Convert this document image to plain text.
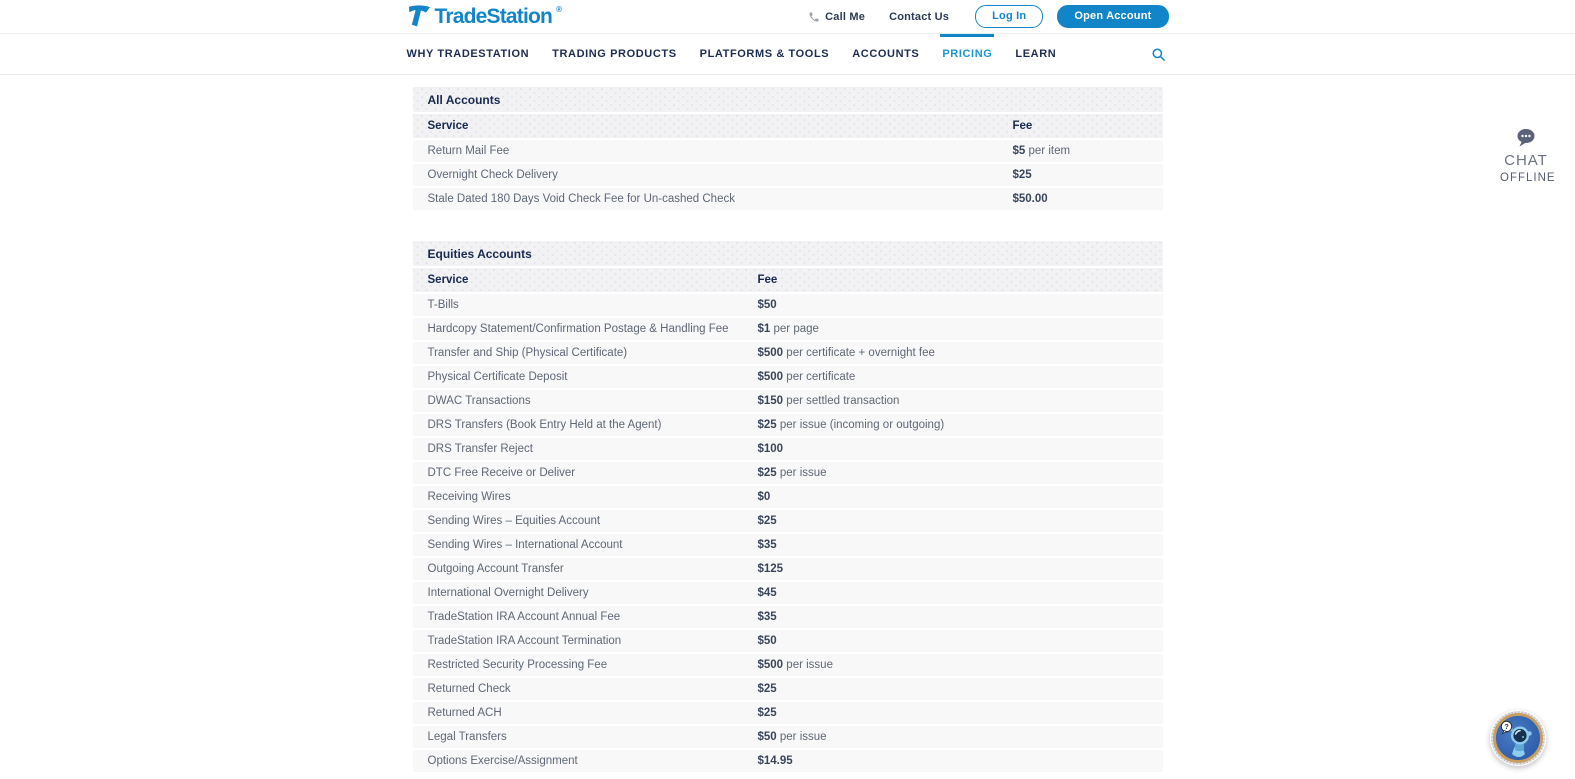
TradeStation ®
Call Me Contact Us	Log In	Open Account
WHY TRADESTATION TRADING PRODUCTS PLATFORMS & TOOLS ACCOUNTS PRICING LEARN
All Accounts
Service	Fee
Return Mail Fee	$5 per item
Overnight Check Delivery	$25
Stale Dated 180 Days Void Check Fee for Un-cashed Check	$50.00
Equities Accounts
Service	Fee
T-Bills	$50
Hardcopy Statement/Confirmation Postage & Handling Fee	$1 per page
Transfer and Ship (Physical Certificate)	$500 per certificate + overnight fee
Physical Certificate Deposit	$500 per certificate
DWAC Transactions	$150 per settled transaction
DRS Transfers (Book Entry Held at the Agent)	$25 per issue (incoming or outgoing)
DRS Transfer Reject	$100
DTC Free Receive or Deliver	$25 per issue
Receiving Wires	$0
Sending Wires – Equities Account	$25
Sending Wires – International Account	$35
Outgoing Account Transfer	$125
International Overnight Delivery	$45
TradeStation IRA Account Annual Fee	$35
TradeStation IRA Account Termination	$50
Restricted Security Processing Fee	$500 per issue
Returned Check	$25
Returned ACH	$25
Legal Transfers	$50 per issue
Options Exercise/Assignment	$14.95
CHAT
OFFLINE
?
